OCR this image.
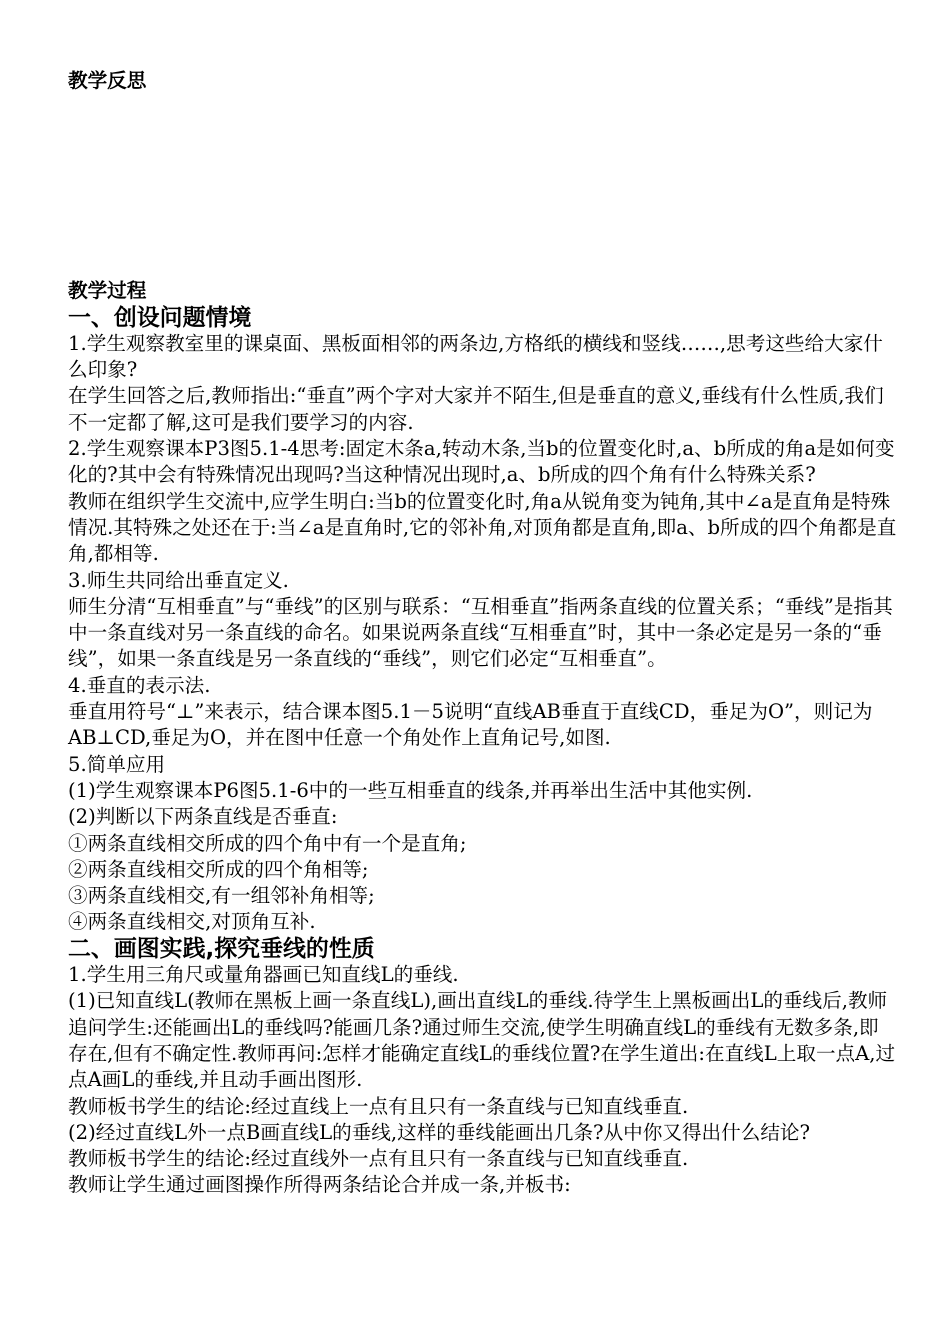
教学反思
教学过程
一、创设问题情境

1.学生观察教室里的课桌面、黑板面相邻的两条边,方格纸的横线和竖线……,思考这些给大家什么印象?

在学生回答之后,教师指出:“垂直”两个字对大家并不陌生,但是垂直的意义,垂线有什么性质,我们不一定都了解,这可是我们要学习的内容.

2.学生观察课本P3图5.1-4思考:固定木条a,转动木条,当b的位置变化时,a、b所成的角a是如何变化的?其中会有特殊情况出现吗?当这种情况出现时,a、b所成的四个角有什么特殊关系?

教师在组织学生交流中,应学生明白:当b的位置变化时,角a从锐角变为钝角,其中∠a是直角是特殊情况.其特殊之处还在于:当∠a是直角时,它的邻补角,对顶角都是直角,即a、b所成的四个角都是直角,都相等.

3.师生共同给出垂直定义.

师生分清“互相垂直”与“垂线”的区别与联系：“互相垂直”指两条直线的位置关系；“垂线”是指其中一条直线对另一条直线的命名。如果说两条直线“互相垂直”时，其中一条必定是另一条的“垂线”，如果一条直线是另一条直线的“垂线”，则它们必定“互相垂直”。

4.垂直的表示法.

垂直用符号“⊥”来表示，结合课本图5.1－5说明“直线AB垂直于直线CD，垂足为O”，则记为AB⊥CD,垂足为O，并在图中任意一个角处作上直角记号,如图.

5.简单应用

(1)学生观察课本P6图5.1-6中的一些互相垂直的线条,并再举出生活中其他实例.

(2)判断以下两条直线是否垂直:

①两条直线相交所成的四个角中有一个是直角;

②两条直线相交所成的四个角相等;

③两条直线相交,有一组邻补角相等;

④两条直线相交,对顶角互补.

二、画图实践,探究垂线的性质

1.学生用三角尺或量角器画已知直线L的垂线.

(1)已知直线L(教师在黑板上画一条直线L),画出直线L的垂线.待学生上黑板画出L的垂线后,教师追问学生:还能画出L的垂线吗?能画几条?通过师生交流,使学生明确直线L的垂线有无数多条,即存在,但有不确定性.教师再问:怎样才能确定直线L的垂线位置?在学生道出:在直线L上取一点A,过点A画L的垂线,并且动手画出图形.

教师板书学生的结论:经过直线上一点有且只有一条直线与已知直线垂直.

(2)经过直线L外一点B画直线L的垂线,这样的垂线能画出几条?从中你又得出什么结论?

教师板书学生的结论:经过直线外一点有且只有一条直线与已知直线垂直.

教师让学生通过画图操作所得两条结论合并成一条,并板书:
